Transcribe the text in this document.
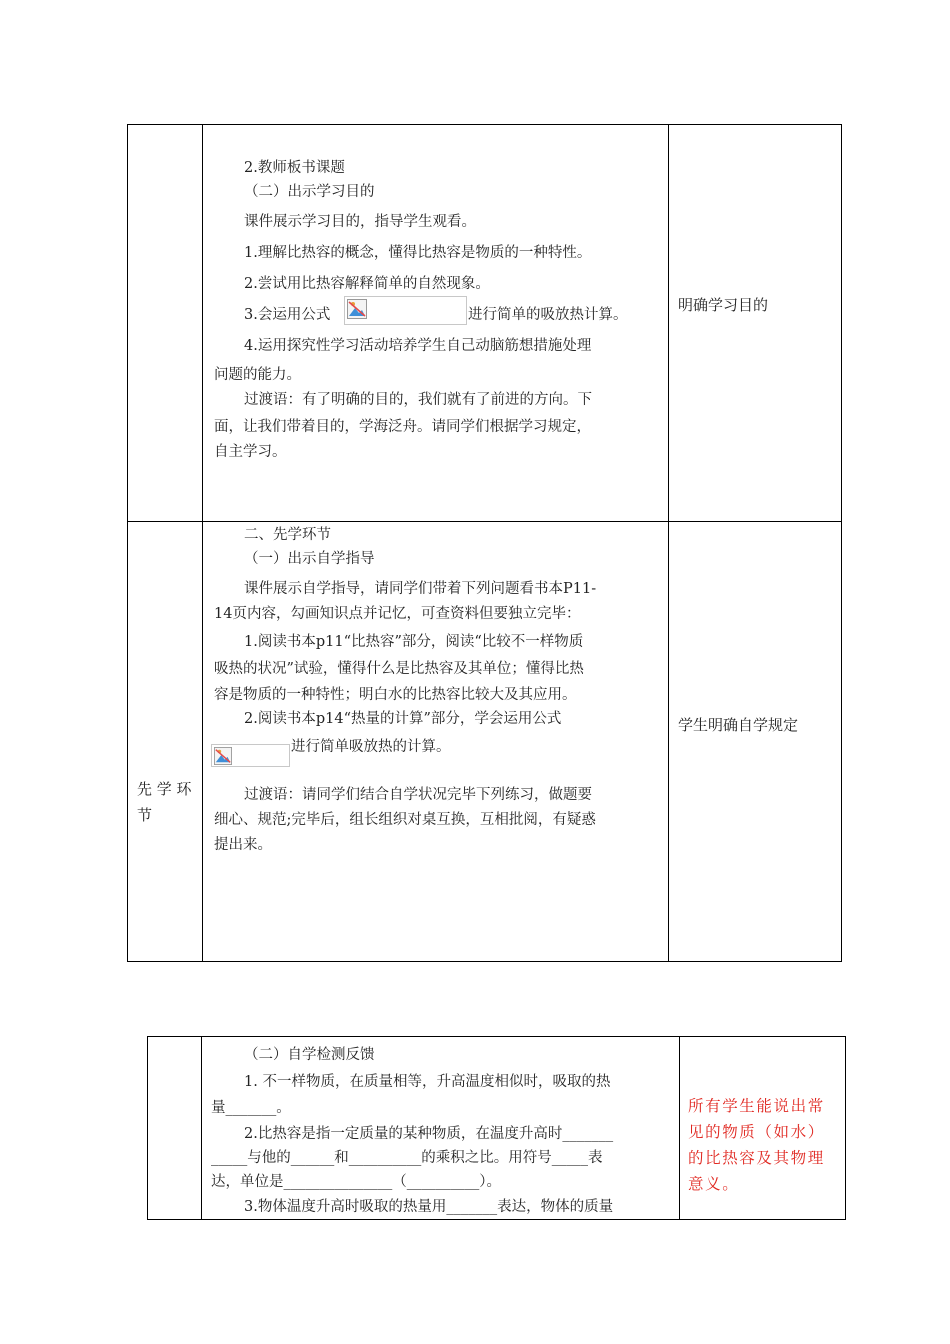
2.教师板书课题
（二）出示学习目的
课件展示学习目的，指导学生观看。
1.理解比热容的概念，懂得比热容是物质的一种特性。
2.尝试用比热容解释简单的自然现象。
3.会运用公式	进行简单的吸放热计算。
4.运用探究性学习活动培养学生自己动脑筋想措施处理
问题的能力。
过渡语：有了明确的目的，我们就有了前进的方向。下
面，让我们带着目的，学海泛舟。请同学们根据学习规定，
自主学习。
明确学习目的
先 学 环
节
二、先学环节
（一）出示自学指导
课件展示自学指导，请同学们带着下列问题看书本P11-
14页内容，勾画知识点并记忆，可查资料但要独立完毕：
1.阅读书本p11“比热容”部分，阅读“比较不一样物质
吸热的状况”试验，懂得什么是比热容及其单位；懂得比热
容是物质的一种特性；明白水的比热容比较大及其应用。
2.阅读书本p14“热量的计算”部分，学会运用公式
进行简单吸放热的计算。
过渡语：请同学们结合自学状况完毕下列练习，做题要
细心、规范;完毕后，组长组织对桌互换，互相批阅，有疑惑
提出来。
学生明确自学规定
（二）自学检测反馈
1. 不一样物质，在质量相等，升高温度相似时，吸取的热
量_______。
2.比热容是指一定质量的某种物质，在温度升高时_______
_____与他的______和__________的乘积之比。用符号_____表
达，单位是_______________（__________）。
3.物体温度升高时吸取的热量用_______表达，物体的质量
所有学生能说出常
见的物质（如水）
的比热容及其物理
意义。
